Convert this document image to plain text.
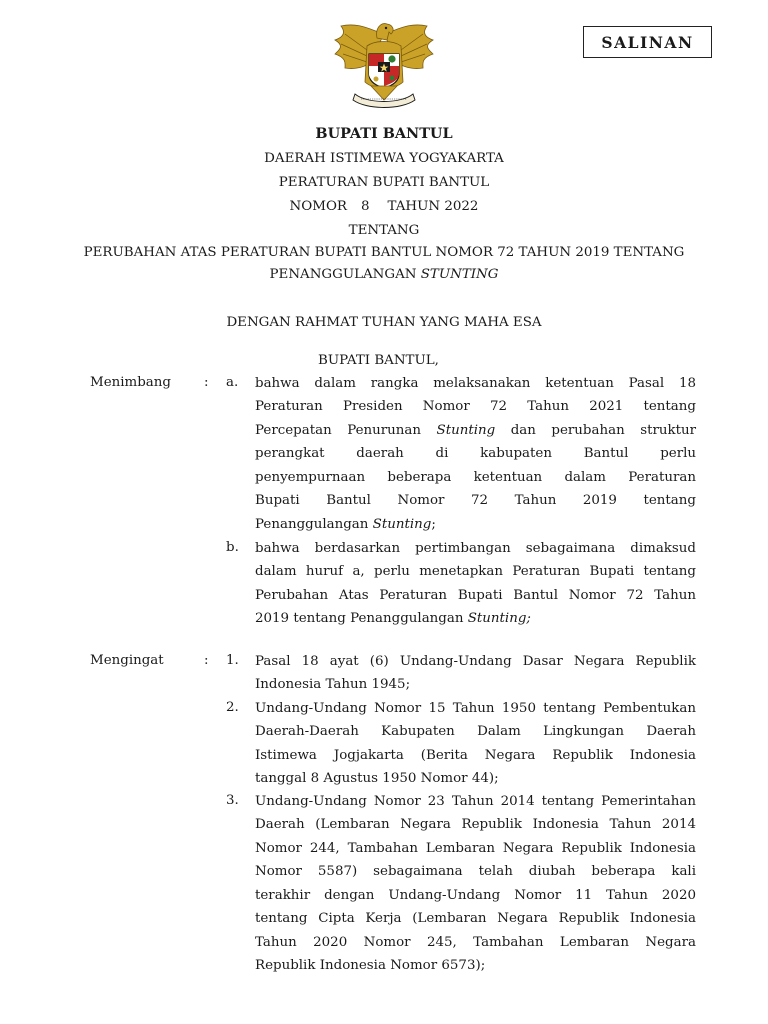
SALINAN
BUPATI BANTUL
DAERAH ISTIMEWA YOGYAKARTA
PERATURAN BUPATI BANTUL
NOMOR 8 TAHUN 2022
TENTANG
PERUBAHAN ATAS PERATURAN BUPATI BANTUL NOMOR 72 TAHUN 2019 TENTANG
PENANGGULANGAN STUNTING
DENGAN RAHMAT TUHAN YANG MAHA ESA
BUPATI BANTUL,
Menimbang : a. bahwa dalam rangka melaksanakan ketentuan Pasal 18
Peraturan Presiden Nomor 72 Tahun 2021 tentang
Percepatan Penurunan Stunting dan perubahan struktur
perangkat daerah di kabupaten Bantul perlu
penyempurnaan beberapa ketentuan dalam Peraturan
Bupati Bantul Nomor 72 Tahun 2019 tentang
Penanggulangan Stunting;
b. bahwa berdasarkan pertimbangan sebagaimana dimaksud
dalam huruf a, perlu menetapkan Peraturan Bupati tentang
Perubahan Atas Peraturan Bupati Bantul Nomor 72 Tahun
2019 tentang Penanggulangan Stunting;
Mengingat	: 1. Pasal 18 ayat (6) Undang-Undang Dasar Negara Republik
Indonesia Tahun 1945;
2. Undang-Undang Nomor 15 Tahun 1950 tentang Pembentukan
Daerah-Daerah Kabupaten Dalam Lingkungan Daerah
Istimewa Jogjakarta (Berita Negara Republik Indonesia
tanggal 8 Agustus 1950 Nomor 44);
3. Undang-Undang Nomor 23 Tahun 2014 tentang Pemerintahan
Daerah (Lembaran Negara Republik Indonesia Tahun 2014
Nomor 244, Tambahan Lembaran Negara Republik Indonesia
Nomor 5587) sebagaimana telah diubah beberapa kali
terakhir dengan Undang-Undang Nomor 11 Tahun 2020
tentang Cipta Kerja (Lembaran Negara Republik Indonesia
Tahun 2020 Nomor 245, Tambahan Lembaran Negara
Republik Indonesia Nomor 6573);
